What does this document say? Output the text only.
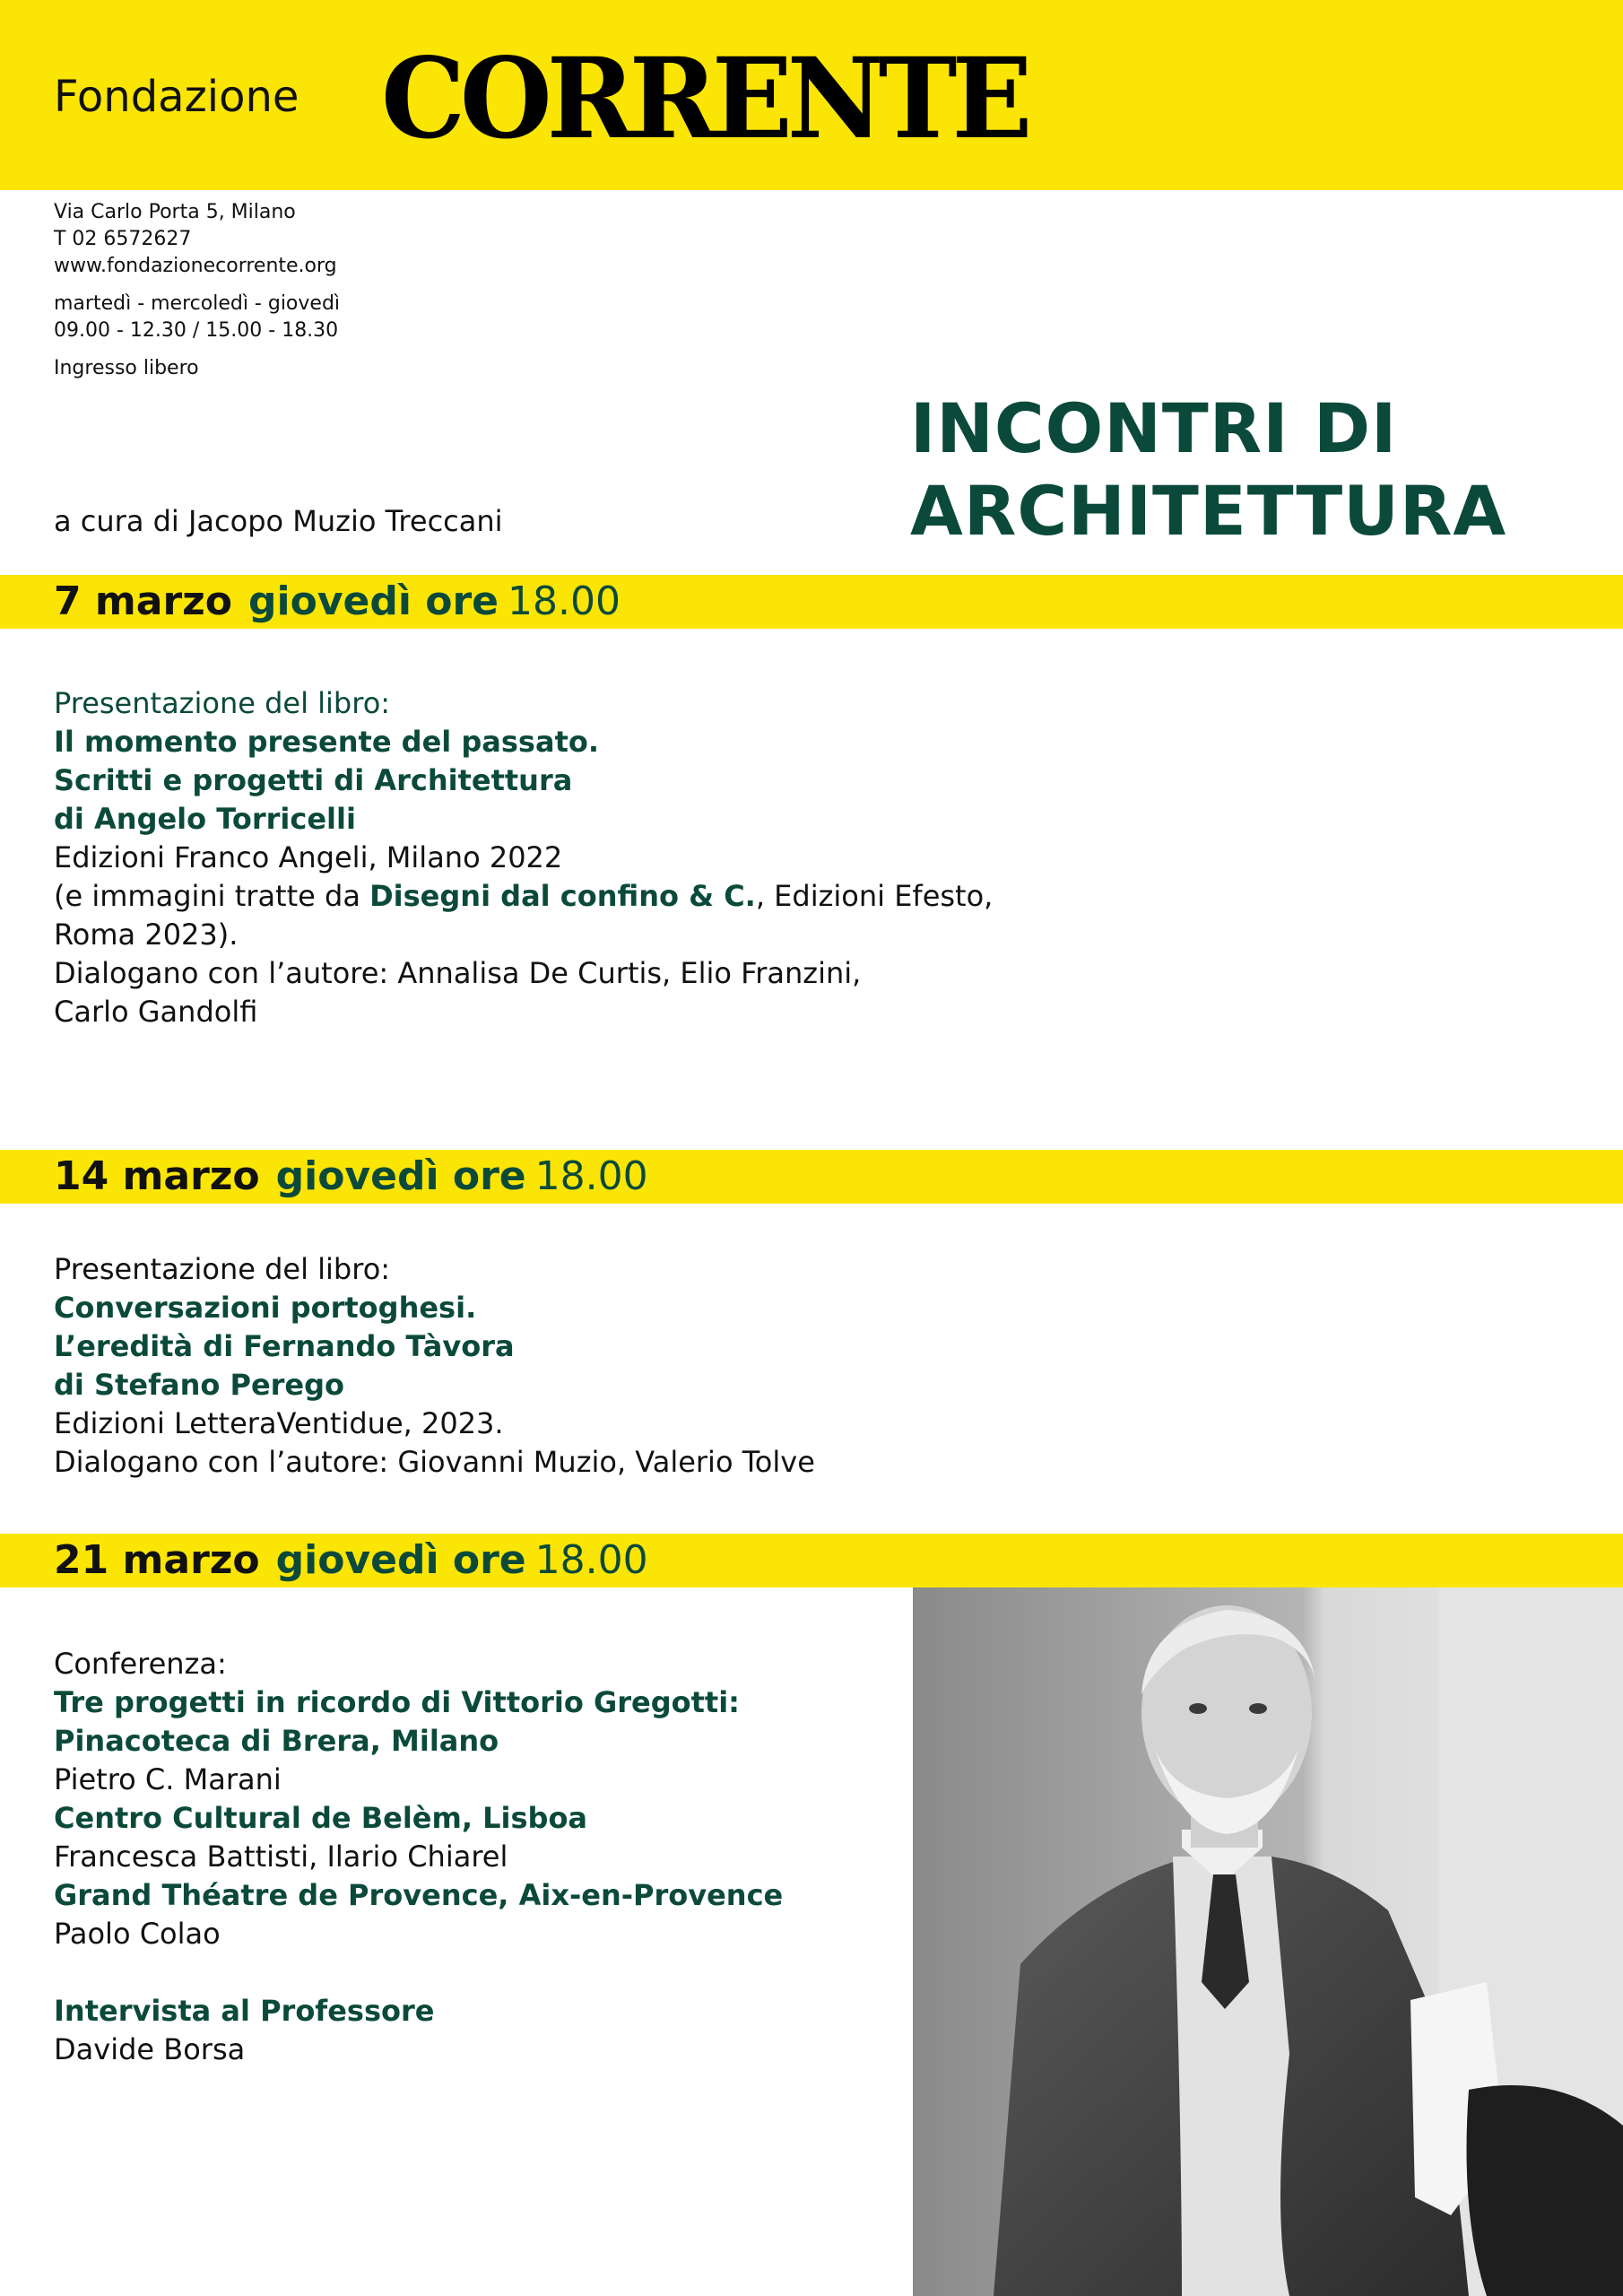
Fondazione CORRENTE
Via Carlo Porta 5, Milano
T 02 6572627
www.fondazionecorrente.org
martedì - mercoledì - giovedì
09.00 - 12.30 / 15.00 - 18.30
Ingresso libero
INCONTRI DI
ARCHITETTURA
a cura di Jacopo Muzio Treccani
7 marzo giovedì ore 18.00
Presentazione del libro:
Il momento presente del passato.
Scritti e progetti di Architettura
di Angelo Torricelli
Edizioni Franco Angeli, Milano 2022
(e immagini tratte da Disegni dal confino & C., Edizioni Efesto,
Roma 2023).
Dialogano con l’autore: Annalisa De Curtis, Elio Franzini,
Carlo Gandolfi
14 marzo giovedì ore 18.00
Presentazione del libro:
Conversazioni portoghesi.
L’eredità di Fernando Tàvora
di Stefano Perego
Edizioni LetteraVentidue, 2023.
Dialogano con l’autore: Giovanni Muzio, Valerio Tolve
21 marzo giovedì ore 18.00
Conferenza:
Tre progetti in ricordo di Vittorio Gregotti:
Pinacoteca di Brera, Milano
Pietro C. Marani
Centro Cultural de Belèm, Lisboa
Francesca Battisti, Ilario Chiarel
Grand Théatre de Provence, Aix-en-Provence
Paolo Colao
Intervista al Professore
Davide Borsa
